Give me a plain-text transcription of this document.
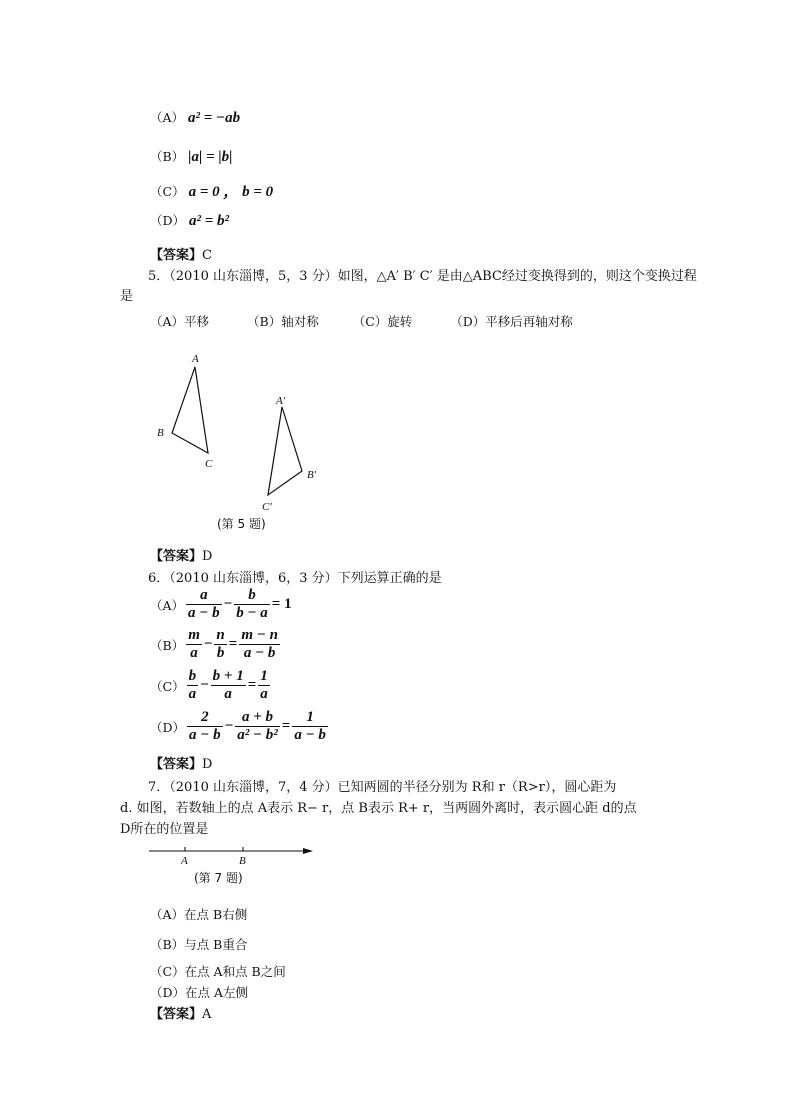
（A） a² = −ab
（B） |a| = |b|
（C） a = 0 ， b = 0
（D） a² = b²
【答案】C
5．（2010 山东淄博，5，3 分）如图，△A′ B′ C′ 是由△ABC经过变换得到的，则这个变换过程
是
（A）平移	（B）轴对称	（C）旋转	（D）平移后再轴对称
A
B
C
A′
B′
C′
(第 5 题)
【答案】D
6．（2010 山东淄博，6，3 分）下列运算正确的是
$(A) \frac{a}{a - b} - \frac{b}{b - a} = 1$
$(B) \frac{m}{a} - \frac{n}{b} = \frac{m - n}{a - b}$
$(C) \frac{b}{a} - \frac{b + 1}{a} = \frac{1}{a}$
$(D) \frac{2}{a - b} - \frac{a + b}{\text{a² − b²}} = \frac{1}{a - b}$
【答案】D
7．（2010 山东淄博，7，4 分）已知两圆的半径分别为 R和 r（R>r），圆心距为
d. 如图，若数轴上的点 A表示 R− r，点 B表示 R+ r，当两圆外离时，表示圆心距 d的点
D所在的位置是
A	B
(第 7 题)
（A）在点 B右侧
（B）与点 B重合
（C）在点 A和点 B之间
（D）在点 A左侧
【答案】A
